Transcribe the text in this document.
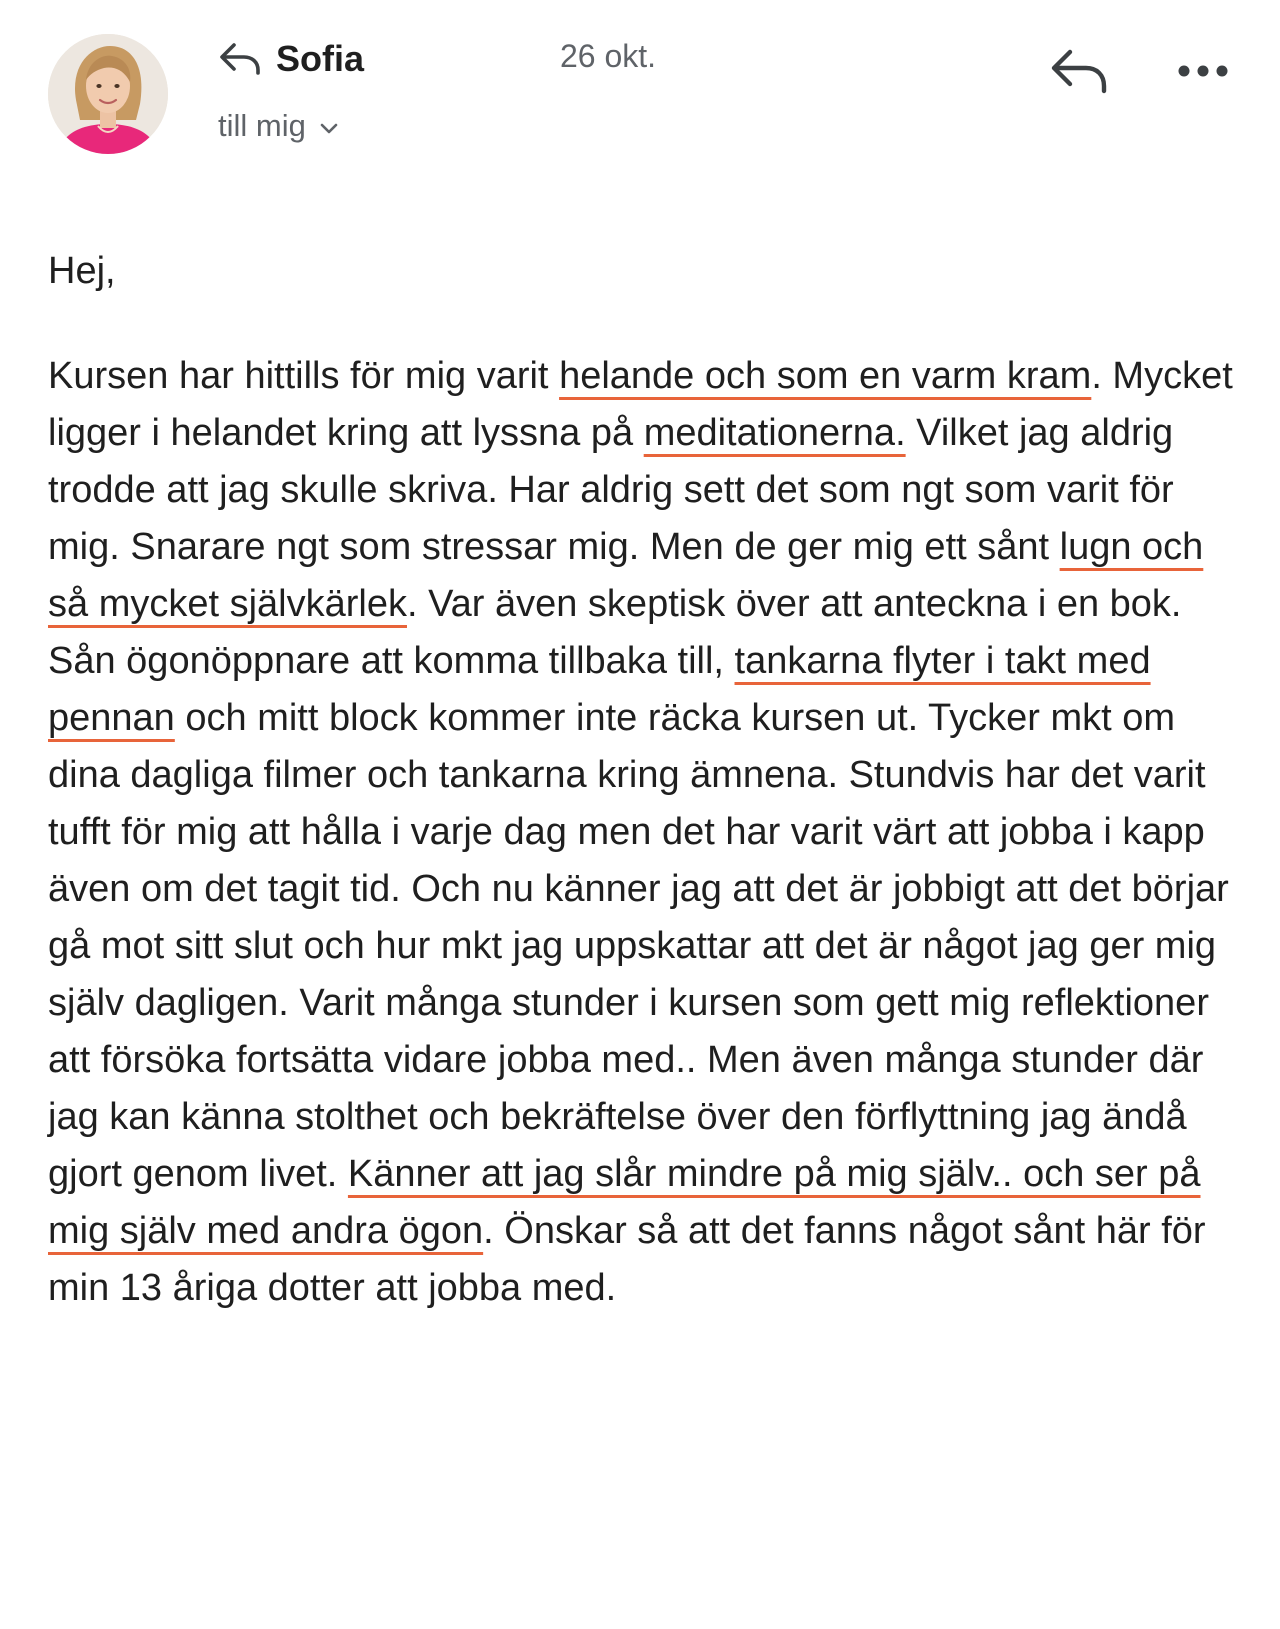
Sofia	26 okt.
till mig
Hej,
Kursen har hittills för mig varit helande och som en varm kram. Mycket ligger i helandet kring att lyssna på meditationerna. Vilket jag aldrig trodde att jag skulle skriva. Har aldrig sett det som ngt som varit för mig. Snarare ngt som stressar mig. Men de ger mig ett sånt lugn och så mycket självkärlek. Var även skeptisk över att anteckna i en bok. Sån ögonöppnare att komma tillbaka till, tankarna flyter i takt med pennan och mitt block kommer inte räcka kursen ut. Tycker mkt om dina dagliga filmer och tankarna kring ämnena. Stundvis har det varit tufft för mig att hålla i varje dag men det har varit värt att jobba i kapp även om det tagit tid. Och nu känner jag att det är jobbigt att det börjar gå mot sitt slut och hur mkt jag uppskattar att det är något jag ger mig själv dagligen. Varit många stunder i kursen som gett mig reflektioner att försöka fortsätta vidare jobba med.. Men även många stunder där jag kan känna stolthet och bekräftelse över den förflyttning jag ändå gjort genom livet. Känner att jag slår mindre på mig själv.. och ser på mig själv med andra ögon. Önskar så att det fanns något sånt här för min 13 åriga dotter att jobba med.
